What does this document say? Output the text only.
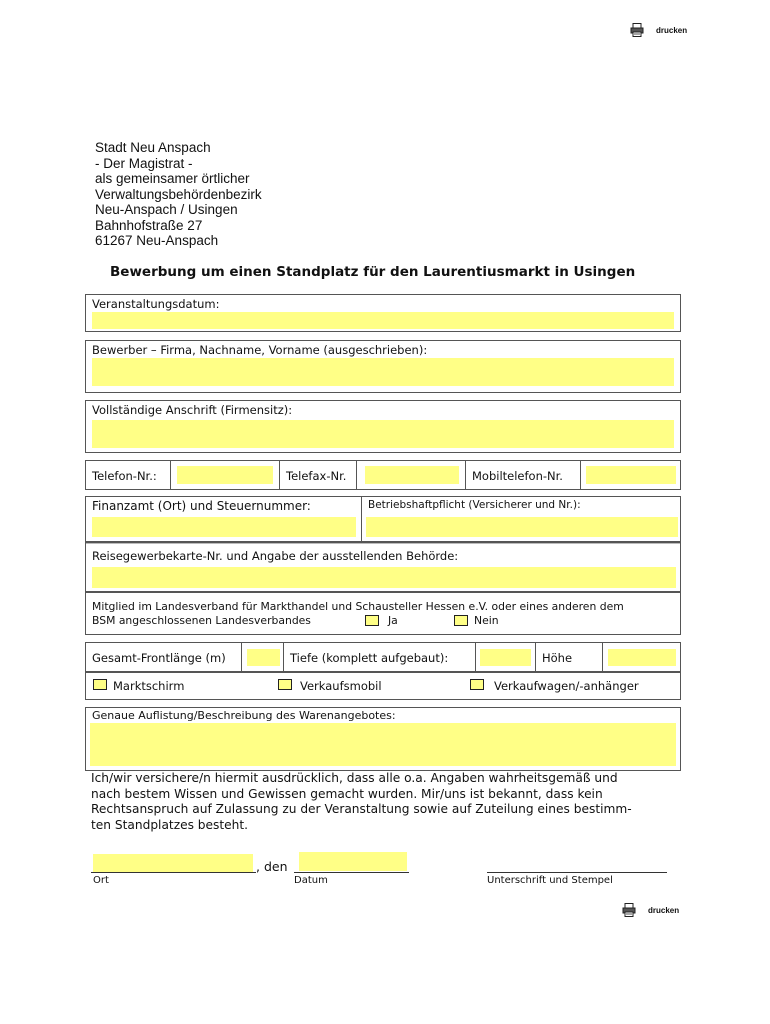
drucken
Stadt Neu Anspach
- Der Magistrat -
als gemeinsamer örtlicher
Verwaltungsbehördenbezirk
Neu-Anspach / Usingen
Bahnhofstraße 27
61267 Neu-Anspach
Bewerbung um einen Standplatz für den Laurentiusmarkt in Usingen
Veranstaltungsdatum:
Bewerber – Firma, Nachname, Vorname (ausgeschrieben):
Vollständige Anschrift (Firmensitz):
Telefon-Nr.:	Telefax-Nr.	Mobiltelefon-Nr.
Finanzamt (Ort) und Steuernummer:	Betriebshaftpflicht (Versicherer und Nr.):
Reisegewerbekarte-Nr. und Angabe der ausstellenden Behörde:
Mitglied im Landesverband für Markthandel und Schausteller Hessen e.V. oder eines anderen dem
BSM angeschlossenen Landesverbandes	Ja	Nein
Gesamt-Frontlänge (m)	Tiefe (komplett aufgebaut):	Höhe
Marktschirm	Verkaufsmobil	Verkaufwagen/-anhänger
Genaue Auflistung/Beschreibung des Warenangebotes:
Ich/wir versichere/n hiermit ausdrücklich, dass alle o.a. Angaben wahrheitsgemäß und
nach bestem Wissen und Gewissen gemacht wurden. Mir/uns ist bekannt, dass kein
Rechtsanspruch auf Zulassung zu der Veranstaltung sowie auf Zuteilung eines bestimm-
ten Standplatzes besteht.
, den
Ort	Datum	Unterschrift und Stempel
drucken
